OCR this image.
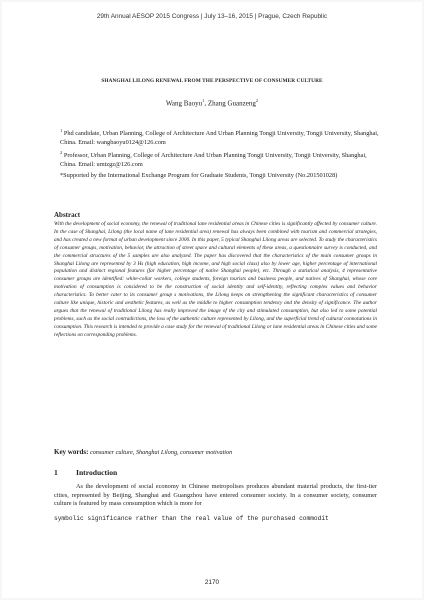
29th Annual AESOP 2015 Congress | July 13–16, 2015 | Prague, Czech Republic
SHANGHAI LILONG RENEWAL FROM THE PERSPECTIVE OF CONSUMER CULTURE
Wang Baoyu$^1$, Zhang Guanzeng$^2$
$^1$ Phd candidate, Urban Planning, College of Architecture And Urban Planning Tongji University, Tongji University, Shanghai, China. Email: wangbaoyu0124@126.com
$^2$ Professor, Urban Planning, College of Architecture And Urban Planning Tongji University, Tongji University, Shanghai, China. Email: umtzgz@126.com
*Supported by the International Exchange Program for Graduate Students, Tongji University (No.201501028)
Abstract
With the development of social economy, the renewal of traditional lane residential areas in Chinese cities is significantly affected by consumer culture. In the case of Shanghai, Lilong (the local name of lane residential area) renewal has always been combined with tourism and commercial strategies, and has created a new format of urban development since 2000. In this paper, 5 typical Shanghai Lilong areas are selected. To study the characteristics of consumer groups, motivation, behavior, the attraction of street space and cultural elements of these areas, a questionnaire survey is conducted, and the commercial structures of the 5 samples are also analyzed. The paper has discovered that the characteristics of the main consumer groups in Shanghai Lilong are represented by 3 Hs (high education, high income, and high social class) also by lower age, higher percentage of international population and distinct regional features (far higher percentage of native Shanghai people), etc. Through a statistical analysis, 4 representative consumer groups are identified: white-collar workers, college students, foreign tourists and business people, and natives of Shanghai, whose core motivation of consumption is considered to be the construction of social identity and self-identity, reflecting complex values and behavior characteristics. To better cater to its consumer group s motivations, the Lilong keeps on strengthening the significant characteristics of consumer culture like unique, historic and aesthetic features, as well as the middle to higher consumption tendency and the density of significance. The author argues that the renewal of traditional Lilong has really improved the image of the city and stimulated consumption, but also led to some potential problems, such as the social contradictions, the loss of the authentic culture represented by Lilong, and the superficial trend of cultural connotations in consumption. This research is intended to provide a case study for the renewal of traditional Lilong or lane residential areas in Chinese cities and some reflections on corresponding problems.
Key words: consumer culture, Shanghai Lilong, consumer motivation
1 Introduction
As the development of social economy in Chinese metropolises produces abundant material products, the first-tier cities, represented by Beijing, Shanghai and Guangzhou have entered consumer society. In a consumer society, consumer culture is featured by mass consumption which is more for
symbolic significance rather than the real value of the purchased commodit
2170
